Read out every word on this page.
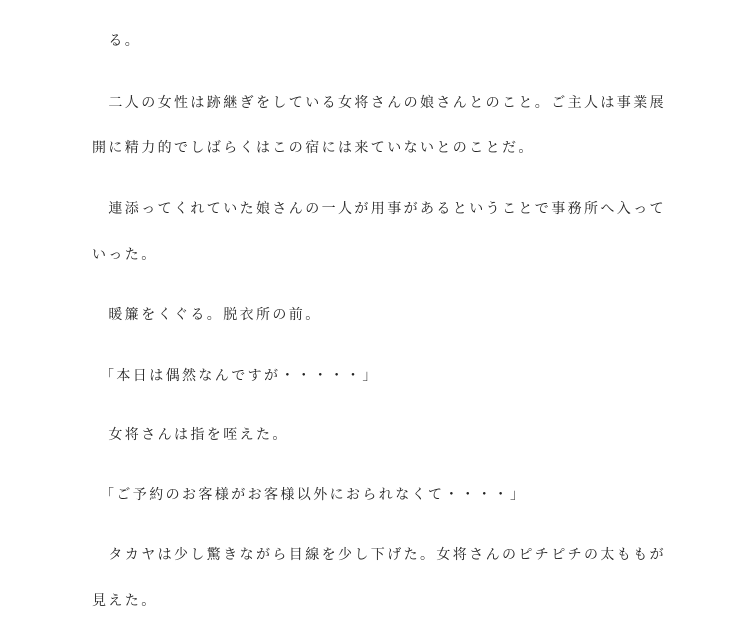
　る。
　二人の女性は跡継ぎをしている女将さんの娘さんとのこと。ご主人は事業展
開に精力的でしばらくはこの宿には来ていないとのことだ。
　連添ってくれていた娘さんの一人が用事があるということで事務所へ入って
いった。
　暖簾をくぐる。脱衣所の前。
「本日は偶然なんですが・・・・・」
　女将さんは指を咥えた。
「ご予約のお客様がお客様以外におられなくて・・・・」
　タカヤは少し驚きながら目線を少し下げた。女将さんのピチピチの太ももが
見えた。
